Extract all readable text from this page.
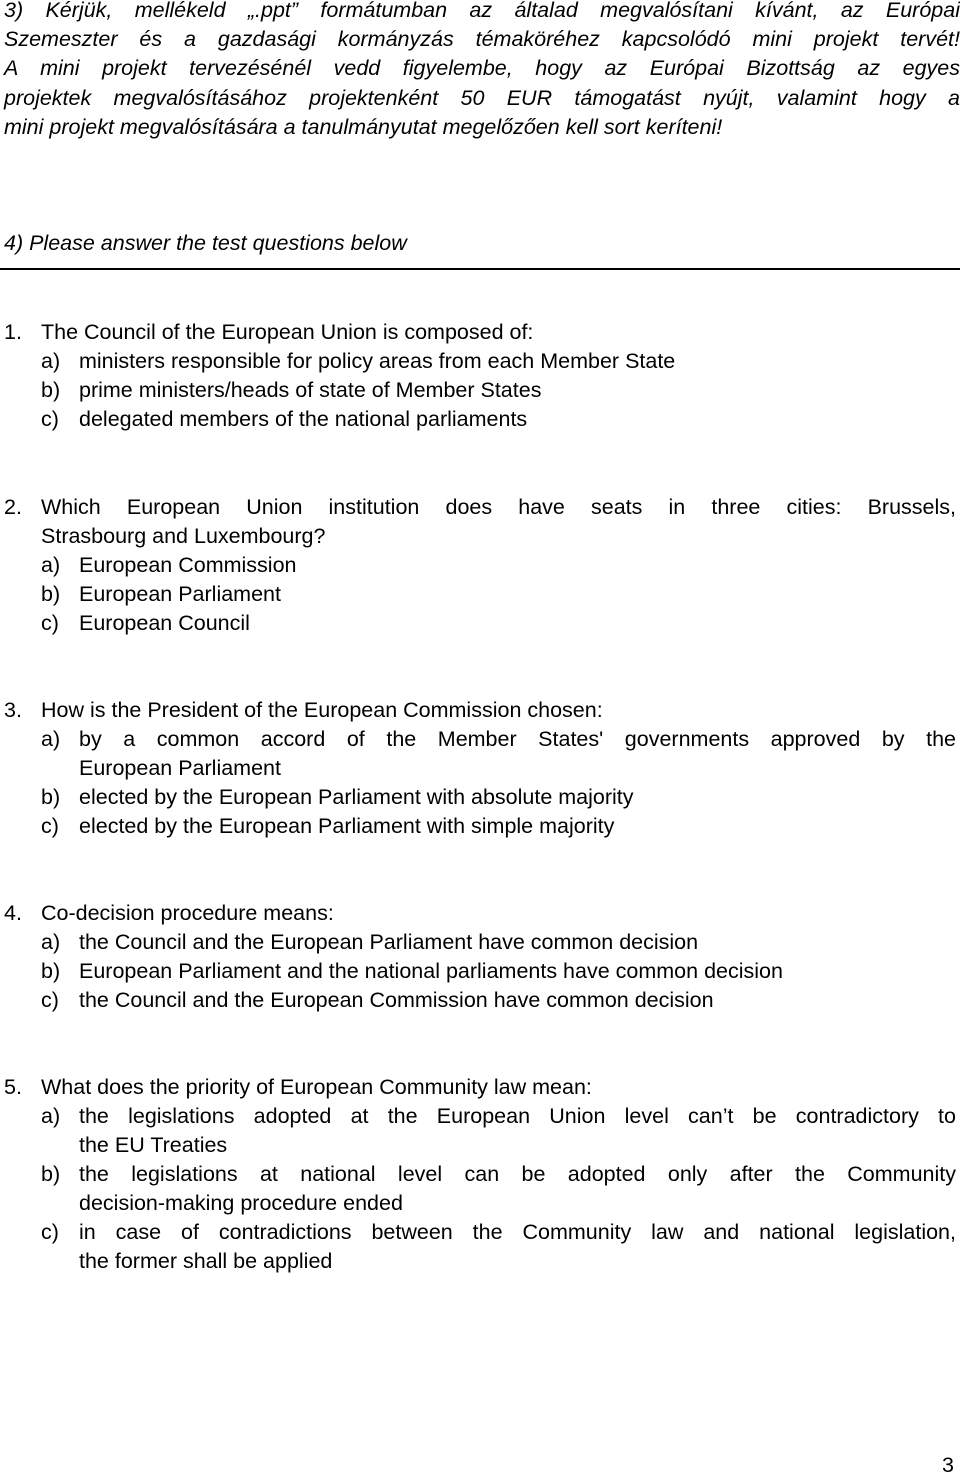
3) Kérjük, mellékeld „.ppt” formátumban az általad megvalósítani kívánt, az Európai
Szemeszter és a gazdasági kormányzás témaköréhez kapcsolódó mini projekt tervét!
A mini projekt tervezésénél vedd figyelembe, hogy az Európai Bizottság az egyes
projektek megvalósításához projektenként 50 EUR támogatást nyújt, valamint hogy a
mini projekt megvalósítására a tanulmányutat megelőzően kell sort keríteni!
4) Please answer the test questions below
1. The Council of the European Union is composed of:
a) ministers responsible for policy areas from each Member State
b) prime ministers/heads of state of Member States
c) delegated members of the national parliaments
2. Which European Union institution does have seats in three cities: Brussels,
Strasbourg and Luxembourg?
a) European Commission
b) European Parliament
c) European Council
3. How is the President of the European Commission chosen:
a) by a common accord of the Member States' governments approved by the
European Parliament
b) elected by the European Parliament with absolute majority
c) elected by the European Parliament with simple majority
4. Co-decision procedure means:
a) the Council and the European Parliament have common decision
b) European Parliament and the national parliaments have common decision
c) the Council and the European Commission have common decision
5. What does the priority of European Community law mean:
a) the legislations adopted at the European Union level can’t be contradictory to
the EU Treaties
b) the legislations at national level can be adopted only after the Community
decision-making procedure ended
c) in case of contradictions between the Community law and national legislation,
the former shall be applied
3
